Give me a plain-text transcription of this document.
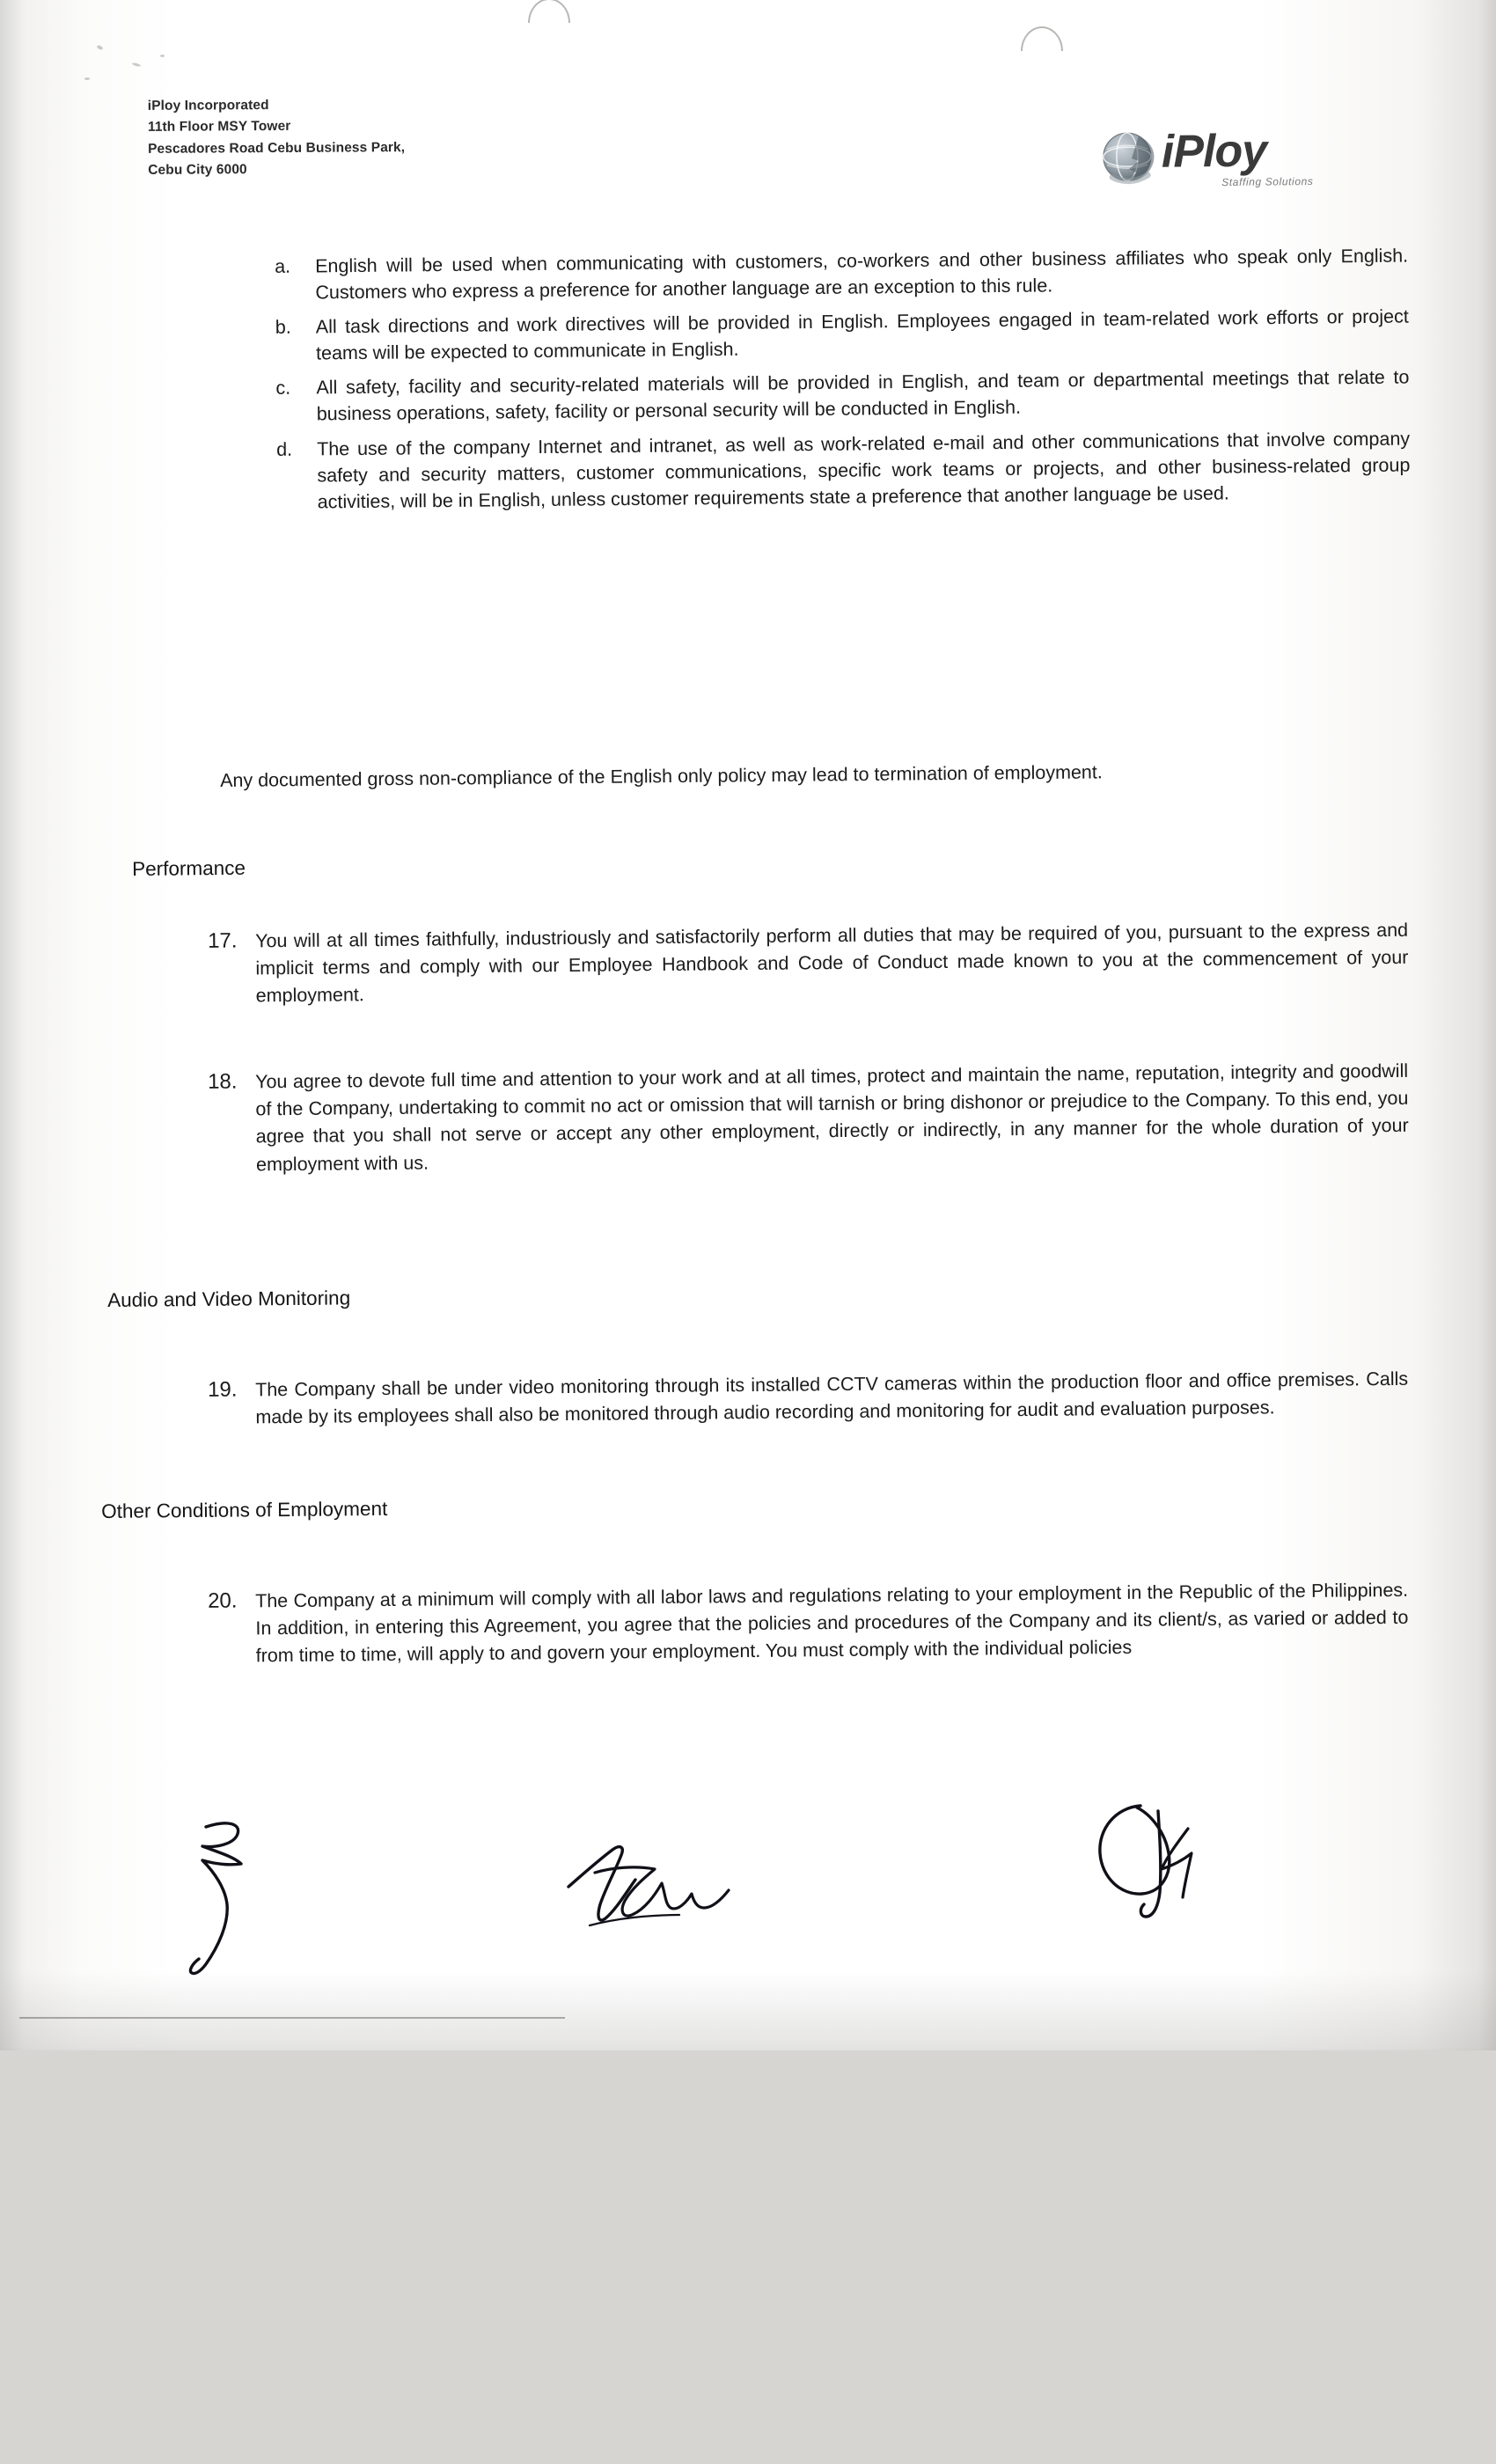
iPloy Incorporated
11th Floor MSY Tower
Pescadores Road Cebu Business Park,
Cebu City 6000	iPloy
Staffing Solutions
a. English will be used when communicating with customers, co-workers and other business affiliates who speak only English. Customers who express a preference for another language are an exception to this rule.
b. All task directions and work directives will be provided in English. Employees engaged in team-related work efforts or project teams will be expected to communicate in English.
c. All safety, facility and security-related materials will be provided in English, and team or departmental meetings that relate to business operations, safety, facility or personal security will be conducted in English.
d. The use of the company Internet and intranet, as well as work-related e-mail and other communications that involve company safety and security matters, customer communications, specific work teams or projects, and other business-related group activities, will be in English, unless customer requirements state a preference that another language be used.
Any documented gross non-compliance of the English only policy may lead to termination of employment.
Performance
17. You will at all times faithfully, industriously and satisfactorily perform all duties that may be required of you, pursuant to the express and implicit terms and comply with our Employee Handbook and Code of Conduct made known to you at the commencement of your employment.
18. You agree to devote full time and attention to your work and at all times, protect and maintain the name, reputation, integrity and goodwill of the Company, undertaking to commit no act or omission that will tarnish or bring dishonor or prejudice to the Company. To this end, you agree that you shall not serve or accept any other employment, directly or indirectly, in any manner for the whole duration of your employment with us.
Audio and Video Monitoring
19. The Company shall be under video monitoring through its installed CCTV cameras within the production floor and office premises. Calls made by its employees shall also be monitored through audio recording and monitoring for audit and evaluation purposes.
Other Conditions of Employment
20. The Company at a minimum will comply with all labor laws and regulations relating to your employment in the Republic of the Philippines. In addition, in entering this Agreement, you agree that the policies and procedures of the Company and its client/s, as varied or added to from time to time, will apply to and govern your employment. You must comply with the individual policies
